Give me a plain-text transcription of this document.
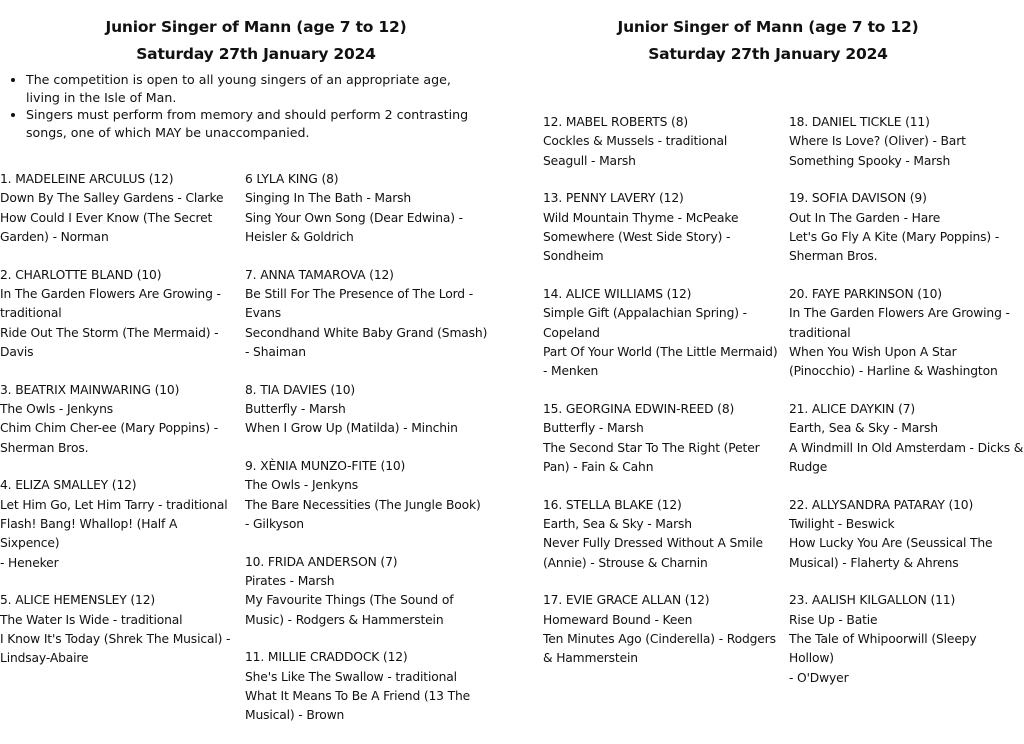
Junior Singer of Mann (age 7 to 12)
Saturday 27th January 2024
• The competition is open to all young singers of an appropriate age, living in the Isle of Man.
• Singers must perform from memory and should perform 2 contrasting songs, one of which MAY be unaccompanied.
1. MADELEINE ARCULUS (12)
Down By The Salley Gardens - Clarke
How Could I Ever Know (The Secret
Garden) - Norman
2. CHARLOTTE BLAND (10)
In The Garden Flowers Are Growing -
traditional
Ride Out The Storm (The Mermaid) -
Davis
3. BEATRIX MAINWARING (10)
The Owls - Jenkyns
Chim Chim Cher-ee (Mary Poppins) -
Sherman Bros.
4. ELIZA SMALLEY (12)
Let Him Go, Let Him Tarry - traditional
Flash! Bang! Whallop! (Half A Sixpence)
- Heneker
5. ALICE HEMENSLEY (12)
The Water Is Wide - traditional
I Know It's Today (Shrek The Musical) -
Lindsay-Abaire
6 LYLA KING (8)
Singing In The Bath - Marsh
Sing Your Own Song (Dear Edwina) -
Heisler & Goldrich
7. ANNA TAMAROVA (12)
Be Still For The Presence of The Lord -
Evans
Secondhand White Baby Grand (Smash)
- Shaiman
8. TIA DAVIES (10)
Butterfly - Marsh
When I Grow Up (Matilda) - Minchin
9. XÈNIA MUNZO-FITE (10)
The Owls - Jenkyns
The Bare Necessities (The Jungle Book)
- Gilkyson
10. FRIDA ANDERSON (7)
Pirates - Marsh
My Favourite Things (The Sound of
Music) - Rodgers & Hammerstein
11. MILLIE CRADDOCK (12)
She's Like The Swallow - traditional
What It Means To Be A Friend (13 The
Musical) - Brown
Junior Singer of Mann (age 7 to 12)
Saturday 27th January 2024
12. MABEL ROBERTS (8)
Cockles & Mussels - traditional
Seagull - Marsh
13. PENNY LAVERY (12)
Wild Mountain Thyme - McPeake
Somewhere (West Side Story) -
Sondheim
14. ALICE WILLIAMS (12)
Simple Gift (Appalachian Spring) -
Copeland
Part Of Your World (The Little Mermaid)
- Menken
15. GEORGINA EDWIN-REED (8)
Butterfly - Marsh
The Second Star To The Right (Peter
Pan) - Fain & Cahn
16. STELLA BLAKE (12)
Earth, Sea & Sky - Marsh
Never Fully Dressed Without A Smile
(Annie) - Strouse & Charnin
17. EVIE GRACE ALLAN (12)
Homeward Bound - Keen
Ten Minutes Ago (Cinderella) - Rodgers
& Hammerstein
18. DANIEL TICKLE (11)
Where Is Love? (Oliver) - Bart
Something Spooky - Marsh
19. SOFIA DAVISON (9)
Out In The Garden - Hare
Let's Go Fly A Kite (Mary Poppins) -
Sherman Bros.
20. FAYE PARKINSON (10)
In The Garden Flowers Are Growing -
traditional
When You Wish Upon A Star
(Pinocchio) - Harline & Washington
21. ALICE DAYKIN (7)
Earth, Sea & Sky - Marsh
A Windmill In Old Amsterdam - Dicks &
Rudge
22. ALLYSANDRA PATARAY (10)
Twilight - Beswick
How Lucky You Are (Seussical The
Musical) - Flaherty & Ahrens
23. AALISH KILGALLON (11)
Rise Up - Batie
The Tale of Whipoorwill (Sleepy Hollow)
- O'Dwyer
